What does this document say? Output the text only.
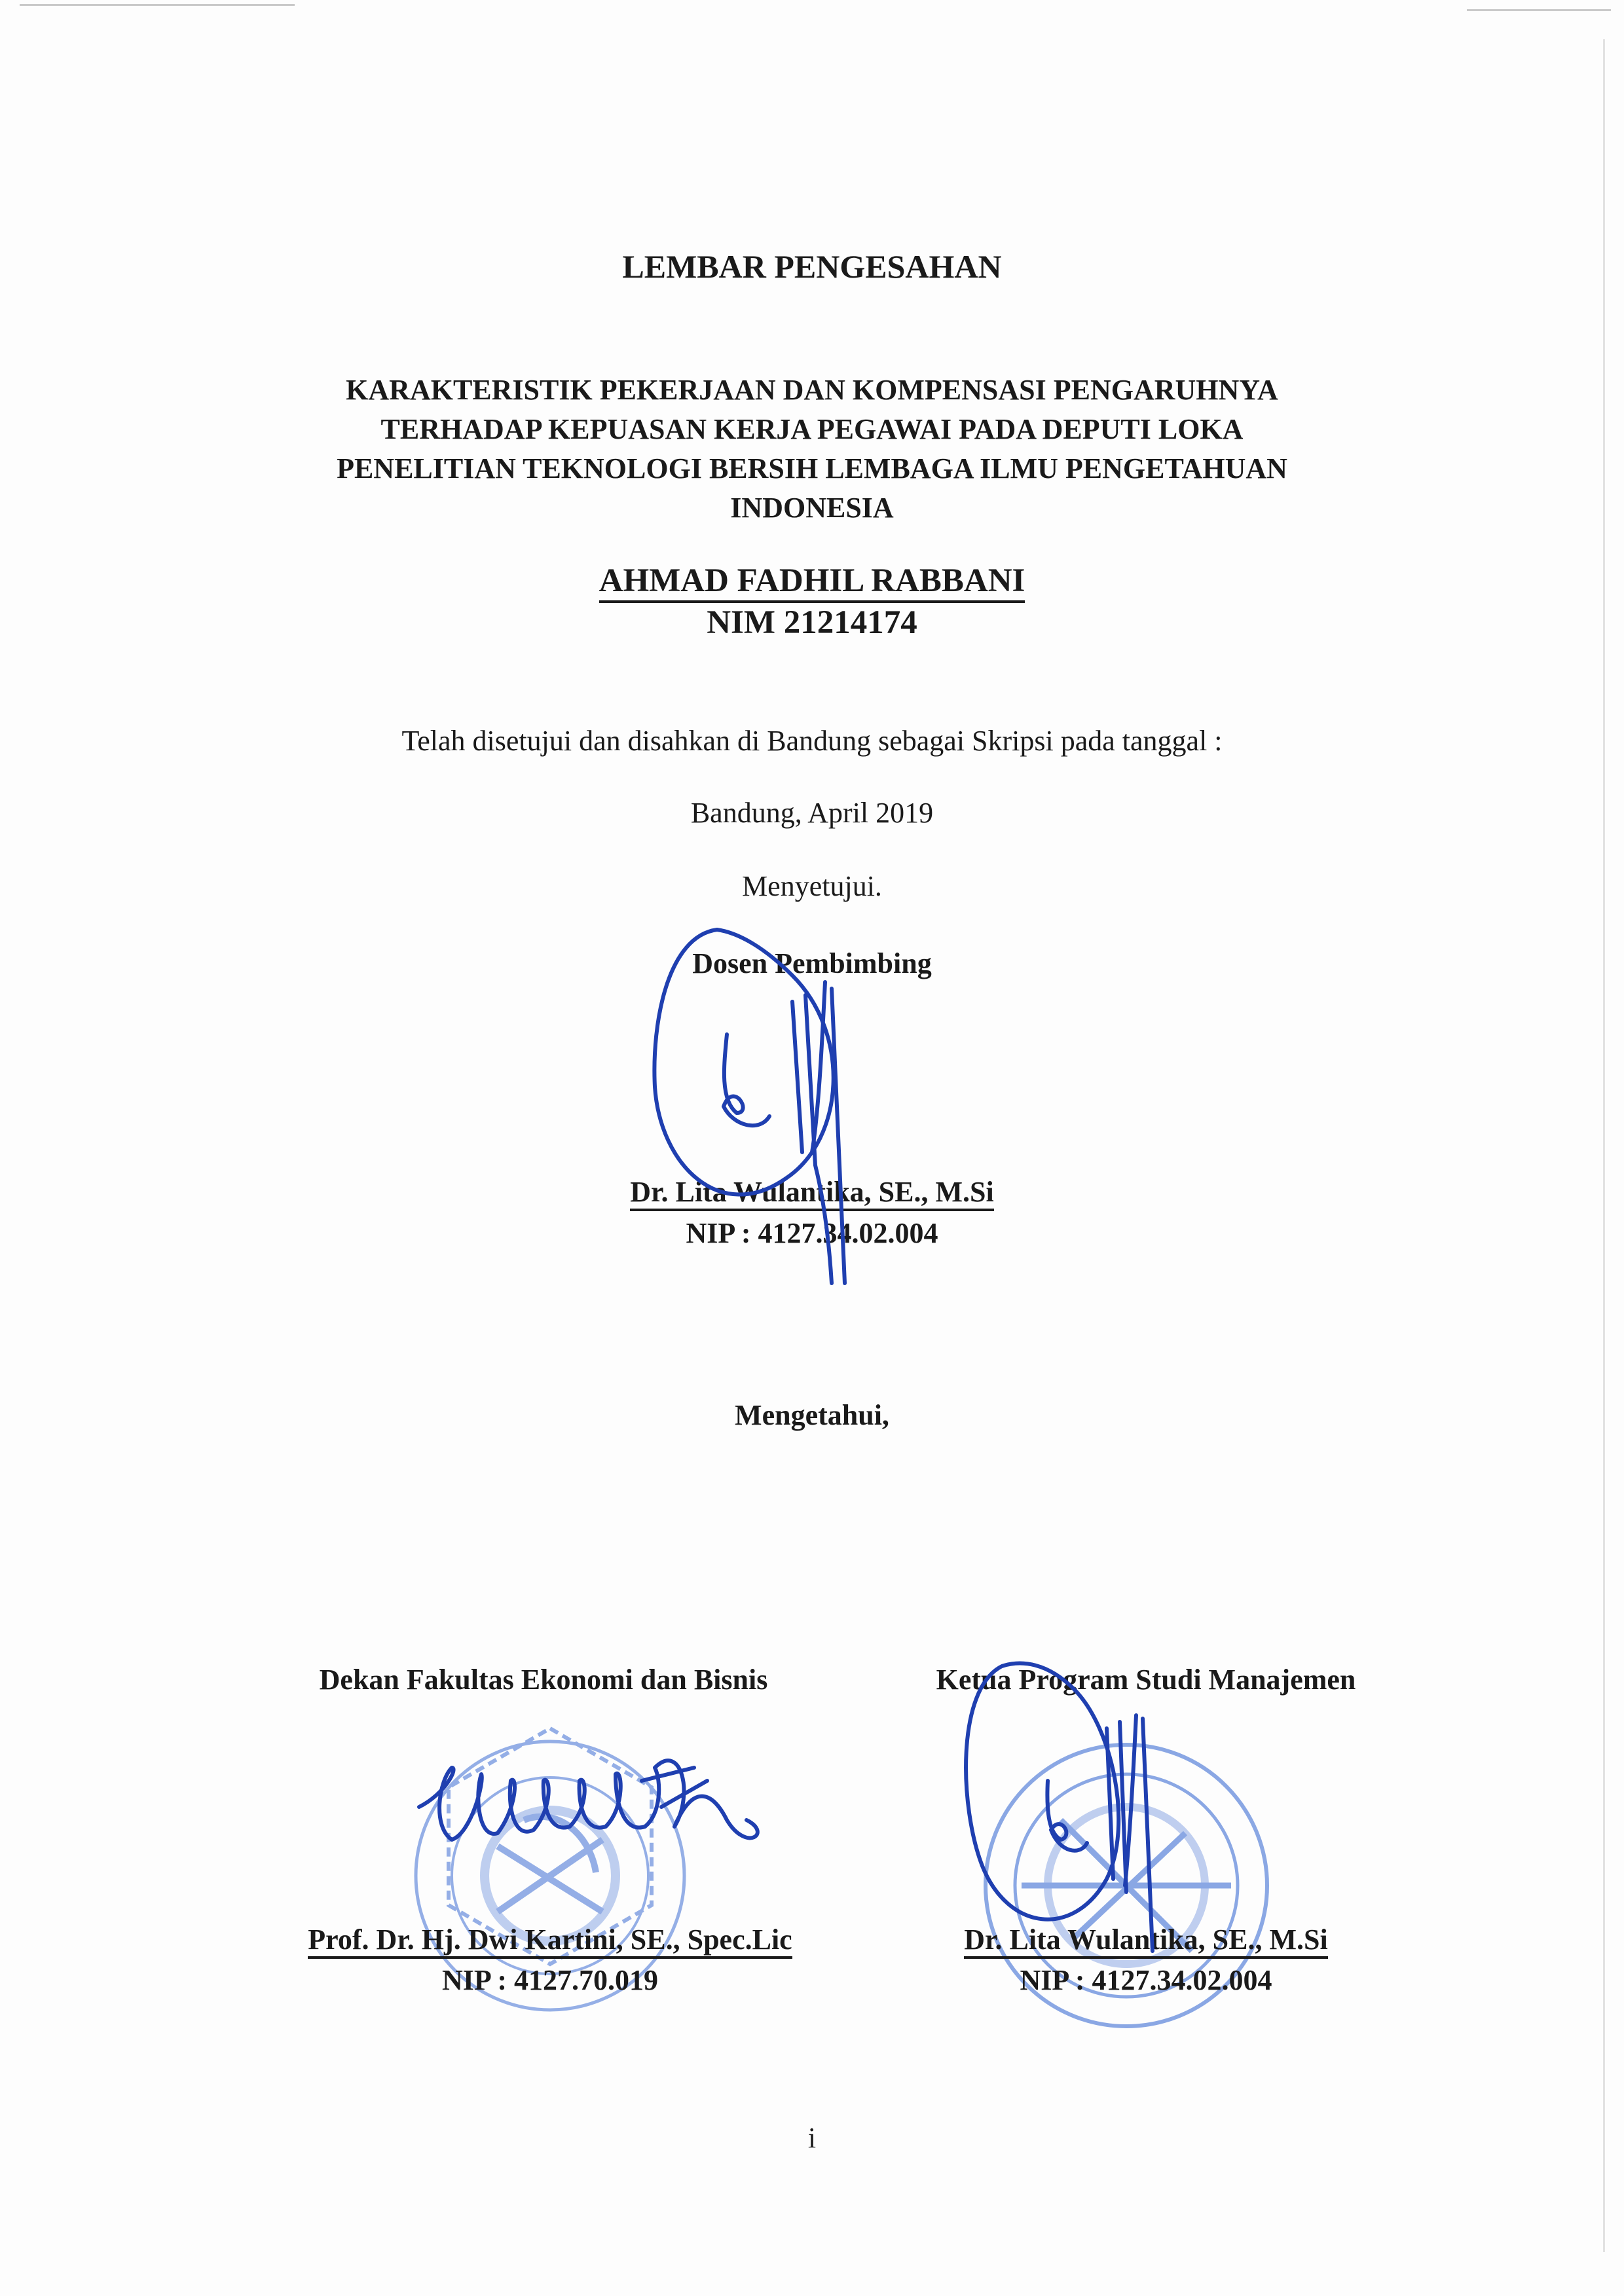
LEMBAR PENGESAHAN
KARAKTERISTIK PEKERJAAN DAN KOMPENSASI PENGARUHNYA
TERHADAP KEPUASAN KERJA PEGAWAI PADA DEPUTI LOKA
PENELITIAN TEKNOLOGI BERSIH LEMBAGA ILMU PENGETAHUAN
INDONESIA
AHMAD FADHIL RABBANI
NIM 21214174
Telah disetujui dan disahkan di Bandung sebagai Skripsi pada tanggal :
Bandung, April 2019
Menyetujui.
Dosen Pembimbing
Dr. Lita Wulantika, SE., M.Si
NIP : 4127.34.02.004
Mengetahui,
Dekan Fakultas Ekonomi dan Bisnis	Ketua Program Studi Manajemen
Prof. Dr. Hj. Dwi Kartini, SE., Spec.Lic
NIP : 4127.70.019
Dr. Lita Wulantika, SE., M.Si
NIP : 4127.34.02.004
i
